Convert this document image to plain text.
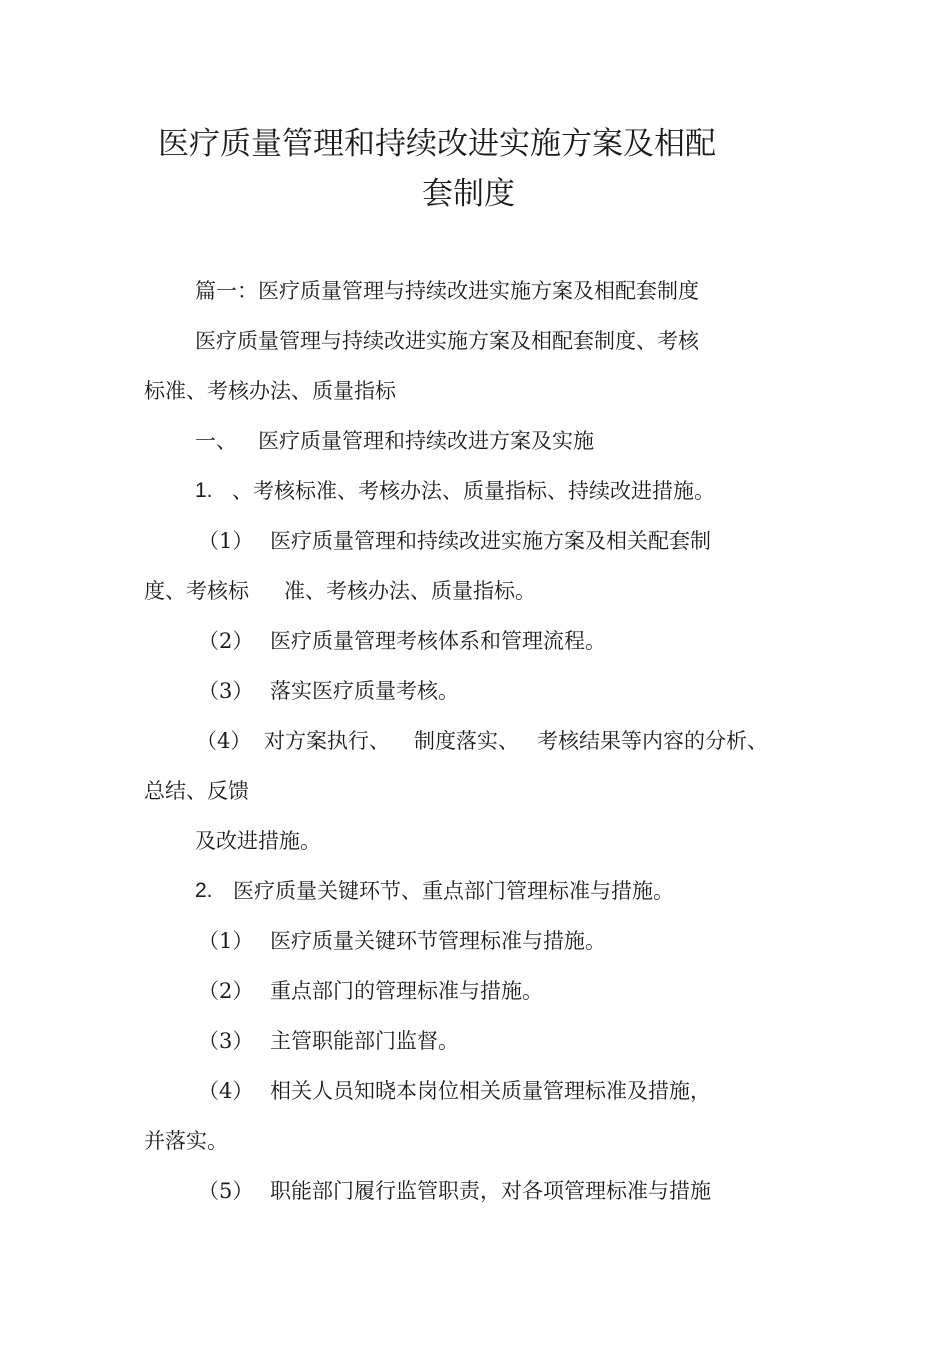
医疗质量管理和持续改进实施方案及相配
套制度
篇一：医疗质量管理与持续改进实施方案及相配套制度
医疗质量管理与持续改进实施方案及相配套制度、考核
标准、考核办法、质量指标
一、 医疗质量管理和持续改进方案及实施
1. 、考核标准、考核办法、质量指标、持续改进措施。
（1） 医疗质量管理和持续改进实施方案及相关配套制
度、考核标 准、考核办法、质量指标。
（2） 医疗质量管理考核体系和管理流程。
（3） 落实医疗质量考核。
（4） 对方案执行、 制度落实、 考核结果等内容的分析、
总结、反馈
及改进措施。
2. 医疗质量关键环节、重点部门管理标准与措施。
（1） 医疗质量关键环节管理标准与措施。
（2） 重点部门的管理标准与措施。
（3） 主管职能部门监督。
（4） 相关人员知晓本岗位相关质量管理标准及措施，
并落实。
（5） 职能部门履行监管职责，对各项管理标准与措施
